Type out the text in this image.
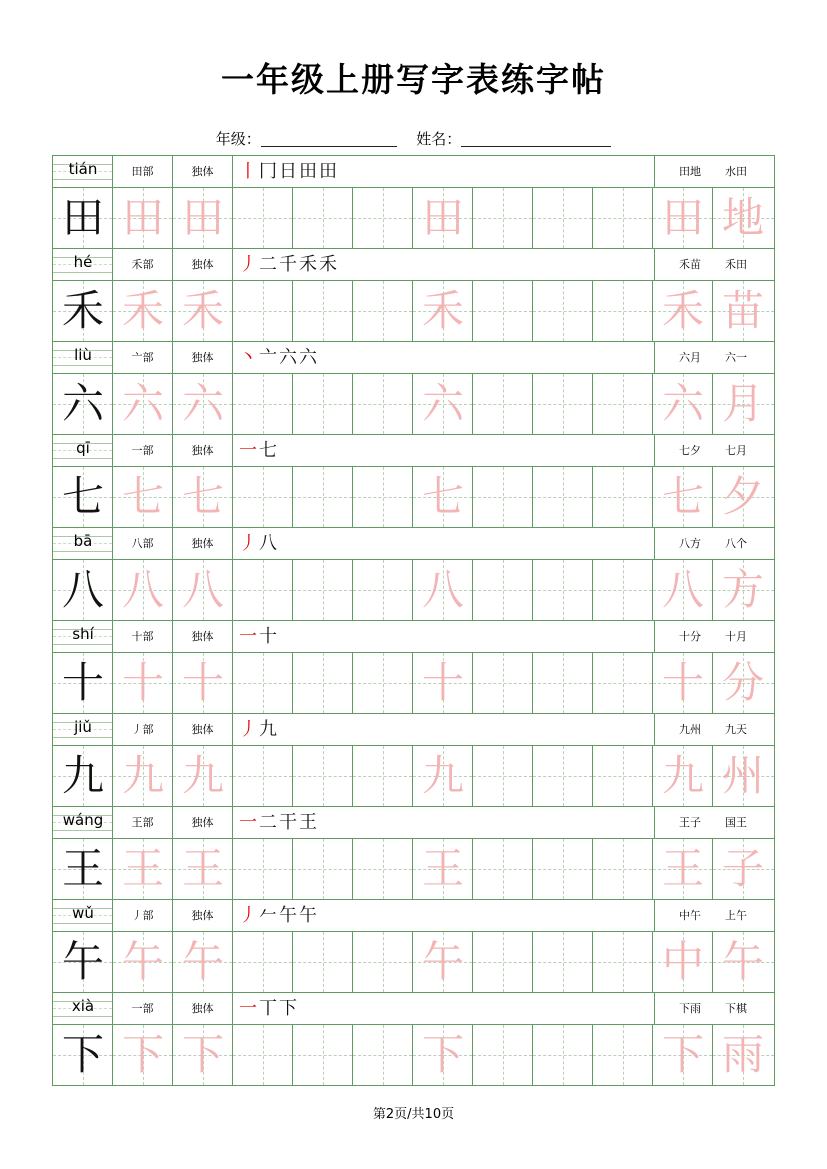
一年级上册写字表练字帖
年级：	姓名：
tián	田部	独体	丨冂日田田	田地 水田
田 田 田	田	田 地
hé	禾部	独体	丿二千禾禾	禾苗 禾田
禾 禾 禾	禾	禾 苗
liù	亠部	独体	丶亠六六	六月 六一
六 六 六	六	六 月
qī	一部	独体	一七	七夕 七月
七 七 七	七	七 夕
bā	八部	独体	丿八	八方 八个
八 八 八	八	八 方
shí	十部	独体	一十	十分 十月
十 十 十	十	十 分
jiǔ	丿部	独体	丿九	九州 九天
九 九 九	九	九 州
wáng	王部	独体	一二干王	王子 国王
王 王 王	王	王 子
wǔ	丿部	独体	丿𠂉午午	中午 上午
午 午 午	午	中 午
xià	一部	独体	一丅下	下雨 下棋
下 下 下	下	下 雨
第2页/共10页
